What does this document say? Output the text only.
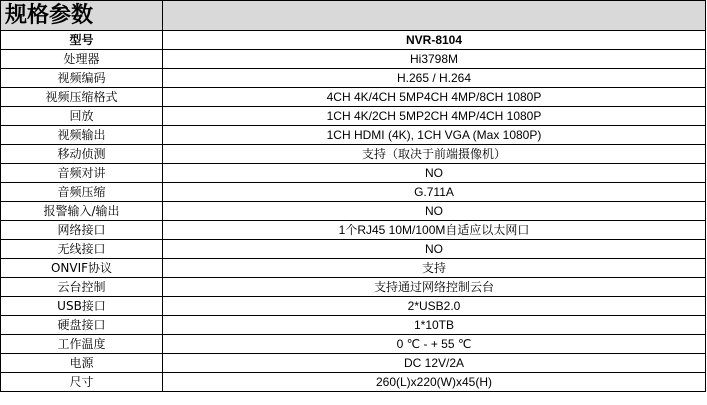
规格参数	
型号	NVR-8104
处理器	Hi3798M
视频编码	H.265 / H.264
视频压缩格式	4CH 4K/4CH 5MP4CH 4MP/8CH 1080P
回放	1CH 4K/2CH 5MP2CH 4MP/4CH 1080P
视频输出	1CH HDMI (4K), 1CH VGA (Max 1080P)
移动侦测	支持（取决于前端摄像机）
音频对讲	NO
音频压缩	G.711A
报警输入/输出	NO
网络接口	1个RJ45 10M/100M自适应以太网口
无线接口	NO
ONVIF协议	支持
云台控制	支持通过网络控制云台
USB接口	2*USB2.0
硬盘接口	1*10TB
工作温度	0 ℃ - + 55 ℃
电源	DC 12V/2A
尺寸	260(L)x220(W)x45(H)
